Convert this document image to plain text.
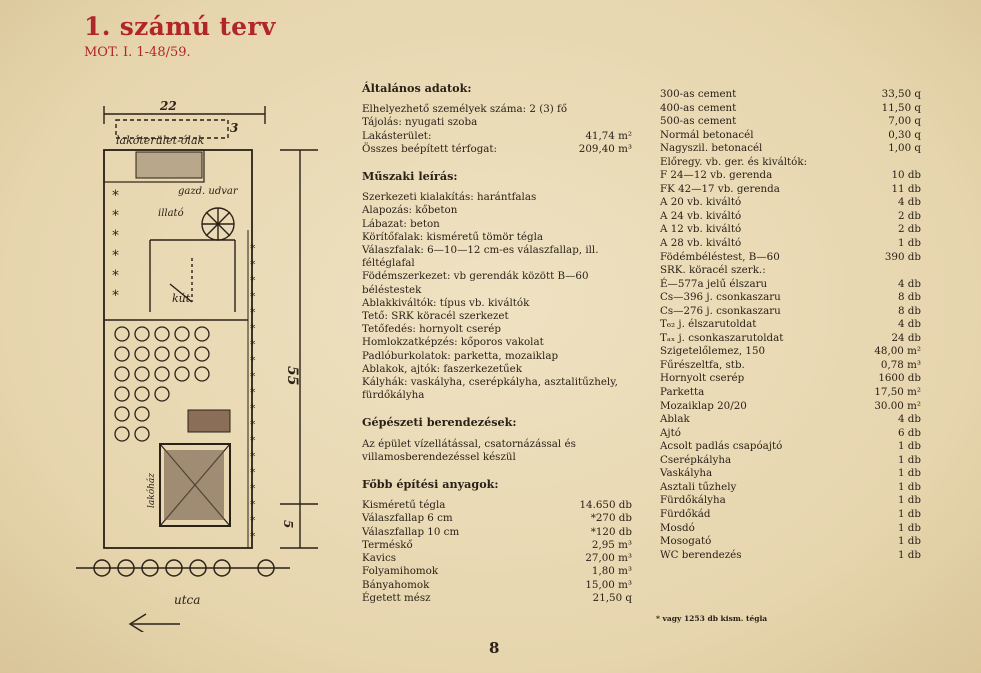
1. számú terv
MOT. I. 1-48/59.
*
*
*
*
*
*
*
*
*
*
*
*
*
*
*
*
*
*
*
*
*
*
*
*
*
22
lakóterület-ólak
3
gazd. udvar
illató
kút
55
5
lakóház
utca
Általános adatok:
Elhelyezhető személyek száma: 2 (3) fő
Tájolás: nyugati szoba
Lakásterület:	41,74 m²
Összes beépített térfogat:	209,40 m³
Műszaki leírás:
Szerkezeti kialakítás: harántfalas
Alapozás: kőbeton
Lábazat: beton
Körítőfalak: kisméretű tömör tégla
Válaszfalak: 6—10—12 cm-es válaszfallap, ill. féltéglafal
Födémszerkezet: vb gerendák között B—60 béléstestek
Ablakkiváltók: típus vb. kiváltók
Tető: SRK köracél szerkezet
Tetőfedés: hornyolt cserép
Homlokzatképzés: kőporos vakolat
Padlóburkolatok: parketta, mozaiklap
Ablakok, ajtók: faszerkezetűek
Kályhák: vaskályha, cserépkályha, asztalitűzhely, fürdőkályha
Gépészeti berendezések:
Az épület vízellátással, csatornázással és villamosberendezéssel készül
Főbb építési anyagok:
Kisméretű tégla	14.650 db
Válaszfallap 6 cm	*270 db
Válaszfallap 10 cm	*120 db
Terméskő	2,95 m³
Kavics	27,00 m³
Folyamihomok	1,80 m³
Bányahomok	15,00 m³
Égetett mész	21,50 q
300-as cement	33,50 q
400-as cement	11,50 q
500-as cement	7,00 q
Normál betonacél	0,30 q
Nagyszil. betonacél	1,00 q
Előregy. vb. ger. és kiváltók:
F 24—12 vb. gerenda	10 db
FK 42—17 vb. gerenda	11 db
A 20 vb. kiváltó	4 db
A 24 vb. kiváltó	2 db
A 12 vb. kiváltó	2 db
A 28 vb. kiváltó	1 db
Födémbéléstest, B—60	390 db
SRK. köracél szerk.:
É—577a jelű élszaru	4 db
Cs—396 j. csonkaszaru	8 db
Cs—276 j. csonkaszaru	8 db
T₆₂ j. élszarutoldat	4 db
Tₐₓ j. csonkaszarutoldat	24 db
Szigetelőlemez, 150	48,00 m²
Fűrészeltfa, stb.	0,78 m³
Hornyolt cserép	1600 db
Parketta	17,50 m²
Mozaiklap 20/20	30.00 m²
Ablak	4 db
Ajtó	6 db
Acsolt padlás csapóajtó	1 db
Cserépkályha	1 db
Vaskályha	1 db
Asztali tűzhely	1 db
Fürdőkályha	1 db
Fürdőkád	1 db
Mosdó	1 db
Mosogató	1 db
WC berendezés	1 db
* vagy 1253 db kism. tégla
8
